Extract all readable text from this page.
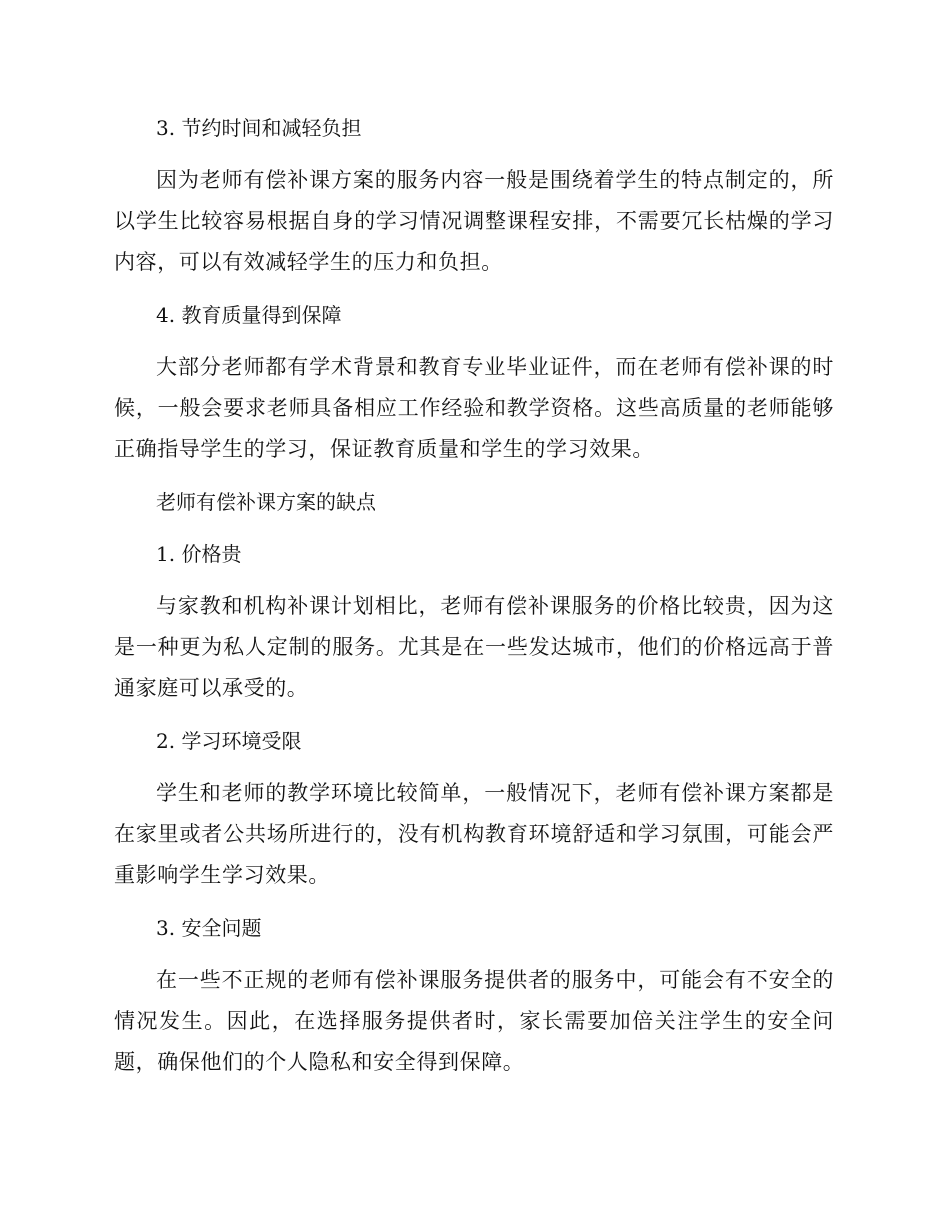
3. 节约时间和减轻负担

因为老师有偿补课方案的服务内容一般是围绕着学生的特点制定的，所以学生比较容易根据自身的学习情况调整课程安排，不需要冗长枯燥的学习内容，可以有效减轻学生的压力和负担。

4. 教育质量得到保障

大部分老师都有学术背景和教育专业毕业证件，而在老师有偿补课的时候，一般会要求老师具备相应工作经验和教学资格。这些高质量的老师能够正确指导学生的学习，保证教育质量和学生的学习效果。

老师有偿补课方案的缺点
1. 价格贵

与家教和机构补课计划相比，老师有偿补课服务的价格比较贵，因为这是一种更为私人定制的服务。尤其是在一些发达城市，他们的价格远高于普通家庭可以承受的。

2. 学习环境受限

学生和老师的教学环境比较简单，一般情况下，老师有偿补课方案都是在家里或者公共场所进行的，没有机构教育环境舒适和学习氛围，可能会严重影响学生学习效果。

3. 安全问题

在一些不正规的老师有偿补课服务提供者的服务中，可能会有不安全的情况发生。因此，在选择服务提供者时，家长需要加倍关注学生的安全问题，确保他们的个人隐私和安全得到保障。
